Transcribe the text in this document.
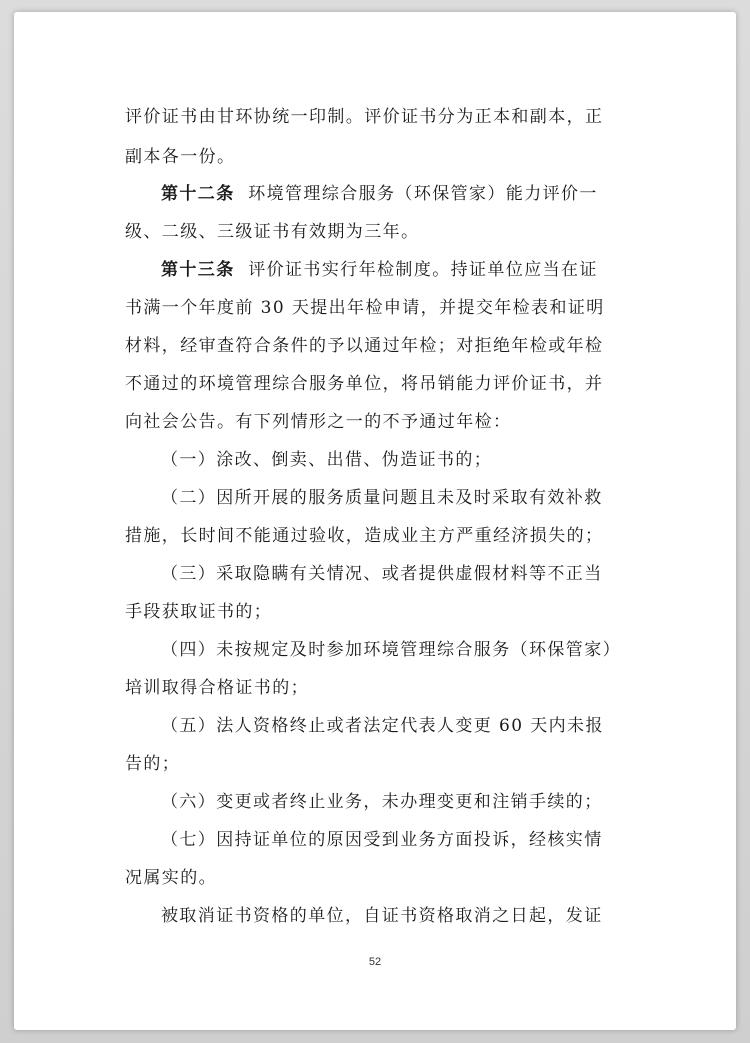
评价证书由甘环协统一印制。评价证书分为正本和副本，正
副本各一份。
第十二条 环境管理综合服务（环保管家）能力评价一
级、二级、三级证书有效期为三年。
第十三条 评价证书实行年检制度。持证单位应当在证
书满一个年度前 30 天提出年检申请，并提交年检表和证明
材料，经审查符合条件的予以通过年检；对拒绝年检或年检
不通过的环境管理综合服务单位，将吊销能力评价证书，并
向社会公告。有下列情形之一的不予通过年检：
（一）涂改、倒卖、出借、伪造证书的；
（二）因所开展的服务质量问题且未及时采取有效补救
措施，长时间不能通过验收，造成业主方严重经济损失的；
（三）采取隐瞒有关情况、或者提供虚假材料等不正当
手段获取证书的；
（四）未按规定及时参加环境管理综合服务（环保管家）
培训取得合格证书的；
（五）法人资格终止或者法定代表人变更 60 天内未报
告的；
（六）变更或者终止业务，未办理变更和注销手续的；
（七）因持证单位的原因受到业务方面投诉，经核实情
况属实的。
被取消证书资格的单位，自证书资格取消之日起，发证
52
